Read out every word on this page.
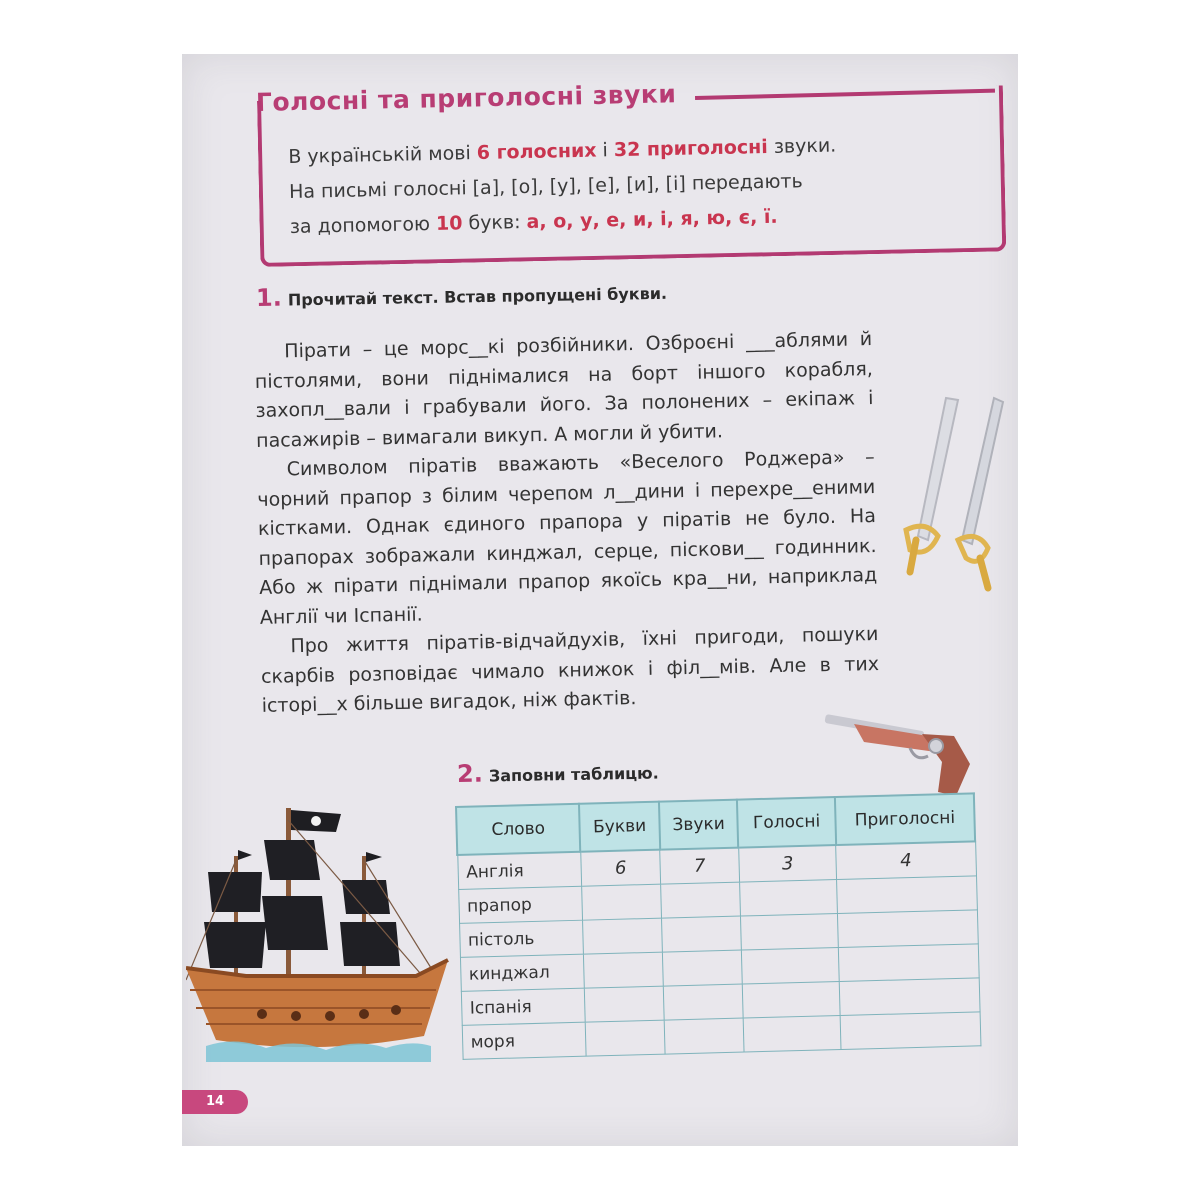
Голосні та приголосні звуки
В українській мові 6 голосних і 32 приголосні звуки.
На письмі голосні [а], [о], [у], [е], [и], [і] передають
за допомогою 10 букв: а, о, у, е, и, і, я, ю, є, ї.
1. Прочитай текст. Встав пропущені букви.

Пірати – це морс__кі розбійники. Озброєні ___аблями й пістолями, вони піднімалися на борт іншого корабля, захопл__вали і грабували його. За полонених – екіпаж і пасажирів – вимагали викуп. А могли й убити.

Символом піратів вважають «Веселого Роджера» – чорний прапор з білим черепом л__дини і перехре__еними кістками. Однак єдиного прапора у піратів не було. На прапорах зображали кинджал, серце, піскови__ годинник. Або ж пірати піднімали прапор якоїсь кра__ни, наприклад Англії чи Іспанії.

Про життя піратів-відчайдухів, їхні пригоди, пошуки скарбів розповідає чимало книжок і філ__мів. Але в тих історі__х більше вигадок, ніж фактів.

2. Заповни таблицю.
Слово	Букви	Звуки	Голосні	Приголосні
Англія	6	7	3	4
прапор				
пістоль				
кинджал				
Іспанія				
моря				
14
